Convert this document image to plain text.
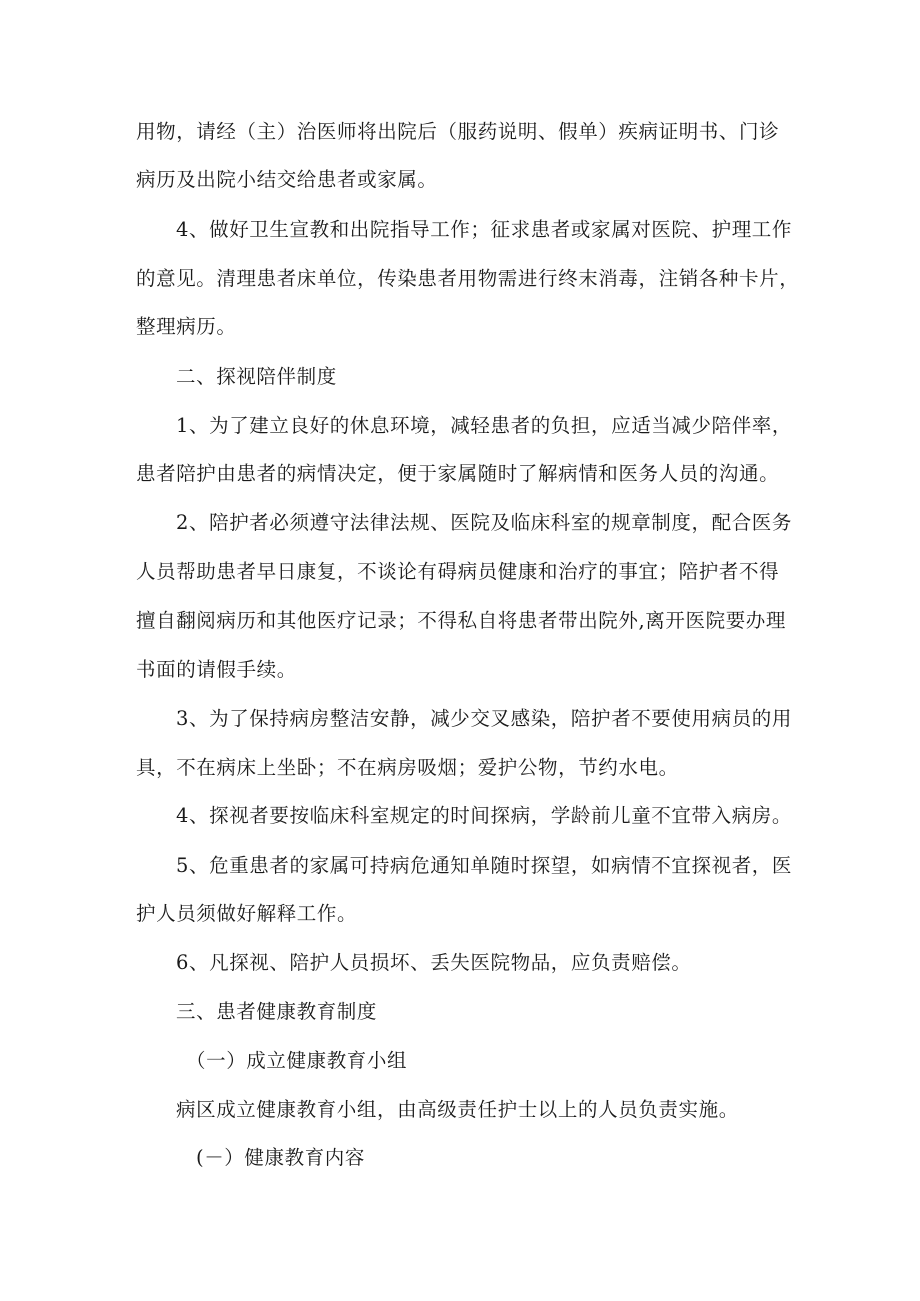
用物，请经（主）治医师将出院后（服药说明、假单）疾病证明书、门诊
病历及出院小结交给患者或家属。
4、做好卫生宣教和出院指导工作；征求患者或家属对医院、护理工作
的意见。清理患者床单位，传染患者用物需进行终末消毒，注销各种卡片，
整理病历。
二、探视陪伴制度
1、为了建立良好的休息环境，减轻患者的负担，应适当减少陪伴率，
患者陪护由患者的病情决定，便于家属随时了解病情和医务人员的沟通。
2、陪护者必须遵守法律法规、医院及临床科室的规章制度，配合医务
人员帮助患者早日康复，不谈论有碍病员健康和治疗的事宜；陪护者不得
擅自翻阅病历和其他医疗记录；不得私自将患者带出院外,离开医院要办理
书面的请假手续。
3、为了保持病房整洁安静，减少交叉感染，陪护者不要使用病员的用
具，不在病床上坐卧；不在病房吸烟；爱护公物，节约水电。
4、探视者要按临床科室规定的时间探病，学龄前儿童不宜带入病房。
5、危重患者的家属可持病危通知单随时探望，如病情不宜探视者，医
护人员须做好解释工作。
6、凡探视、陪护人员损坏、丢失医院物品，应负责赔偿。
三、患者健康教育制度
（一）成立健康教育小组
病区成立健康教育小组，由高级责任护士以上的人员负责实施。
(－）健康教育内容
